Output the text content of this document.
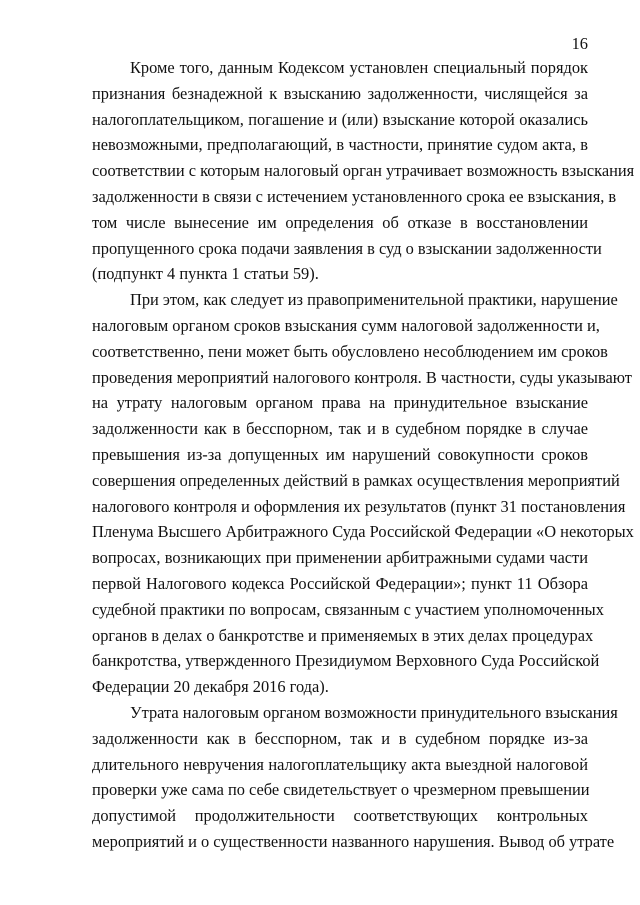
16
Кроме того, данным Кодексом установлен специальный порядок
признания безнадежной к взысканию задолженности, числящейся за
налогоплательщиком, погашение и (или) взыскание которой оказались
невозможными, предполагающий, в частности, принятие судом акта, в
соответствии с которым налоговый орган утрачивает возможность взыскания
задолженности в связи с истечением установленного срока ее взыскания, в
том числе вынесение им определения об отказе в восстановлении
пропущенного срока подачи заявления в суд о взыскании задолженности
(подпункт 4 пункта 1 статьи 59).
При этом, как следует из правоприменительной практики, нарушение
налоговым органом сроков взыскания сумм налоговой задолженности и,
соответственно, пени может быть обусловлено несоблюдением им сроков
проведения мероприятий налогового контроля. В частности, суды указывают
на утрату налоговым органом права на принудительное взыскание
задолженности как в бесспорном, так и в судебном порядке в случае
превышения из-за допущенных им нарушений совокупности сроков
совершения определенных действий в рамках осуществления мероприятий
налогового контроля и оформления их результатов (пункт 31 постановления
Пленума Высшего Арбитражного Суда Российской Федерации «О некоторых
вопросах, возникающих при применении арбитражными судами части
первой Налогового кодекса Российской Федерации»; пункт 11 Обзора
судебной практики по вопросам, связанным с участием уполномоченных
органов в делах о банкротстве и применяемых в этих делах процедурах
банкротства, утвержденного Президиумом Верховного Суда Российской
Федерации 20 декабря 2016 года).
Утрата налоговым органом возможности принудительного взыскания
задолженности как в бесспорном, так и в судебном порядке из-за
длительного невручения налогоплательщику акта выездной налоговой
проверки уже сама по себе свидетельствует о чрезмерном превышении
допустимой продолжительности соответствующих контрольных
мероприятий и о существенности названного нарушения. Вывод об утрате
